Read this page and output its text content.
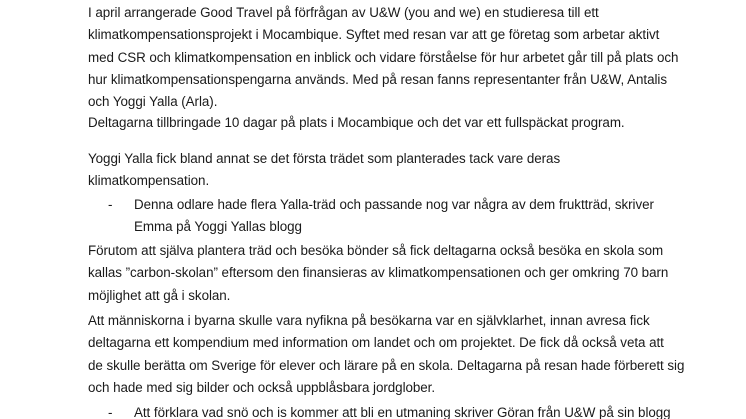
I april arrangerade Good Travel på förfrågan av U&W (you and we) en studieresa till ett
klimatkompensationsprojekt i Mocambique. Syftet med resan var att ge företag som arbetar aktivt
med CSR och klimatkompensation en inblick och vidare förståelse för hur arbetet går till på plats och
hur klimatkompensationspengarna används. Med på resan fanns representanter från U&W, Antalis
och Yoggi Yalla (Arla).

Deltagarna tillbringade 10 dagar på plats i Mocambique och det var ett fullspäckat program.

Yoggi Yalla fick bland annat se det första trädet som planterades tack vare deras
klimatkompensation.

- Denna odlare hade flera Yalla-träd och passande nog var några av dem fruktträd, skriver
Emma på Yoggi Yallas blogg

Förutom att själva plantera träd och besöka bönder så fick deltagarna också besöka en skola som
kallas ”carbon-skolan” eftersom den finansieras av klimatkompensationen och ger omkring 70 barn
möjlighet att gå i skolan.

Att människorna i byarna skulle vara nyfikna på besökarna var en självklarhet, innan avresa fick
deltagarna ett kompendium med information om landet och om projektet. De fick då också veta att
de skulle berätta om Sverige för elever och lärare på en skola. Deltagarna på resan hade förberett sig
och hade med sig bilder och också uppblåsbara jordglober.

- Att förklara vad snö och is kommer att bli en utmaning skriver Göran från U&W på sin blogg
